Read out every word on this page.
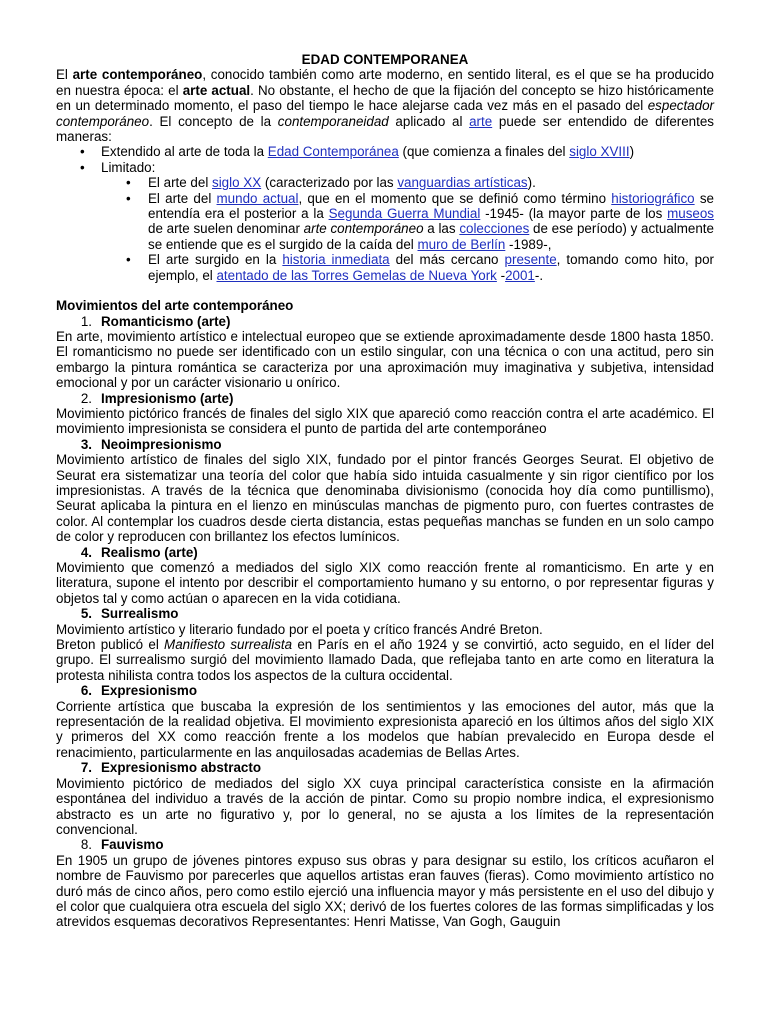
EDAD CONTEMPORANEA

El arte contemporáneo, conocido también como arte moderno, en sentido literal, es el que se ha producido en nuestra época: el arte actual. No obstante, el hecho de que la fijación del concepto se hizo históricamente en un determinado momento, el paso del tiempo le hace alejarse cada vez más en el pasado del espectador contemporáneo. El concepto de la contemporaneidad aplicado al arte puede ser entendido de diferentes maneras:

• Extendido al arte de toda la Edad Contemporánea (que comienza a finales del siglo XVIII)
• Limitado:
• El arte del siglo XX (caracterizado por las vanguardias artísticas).
• El arte del mundo actual, que en el momento que se definió como término historiográfico se entendía era el posterior a la Segunda Guerra Mundial -1945- (la mayor parte de los museos de arte suelen denominar arte contemporáneo a las colecciones de ese período) y actualmente se entiende que es el surgido de la caída del muro de Berlín -1989-,
• El arte surgido en la historia inmediata del más cercano presente, tomando como hito, por ejemplo, el atentado de las Torres Gemelas de Nueva York -2001-.

Movimientos del arte contemporáneo

1. Romanticismo (arte)

En arte, movimiento artístico e intelectual europeo que se extiende aproximadamente desde 1800 hasta 1850. El romanticismo no puede ser identificado con un estilo singular, con una técnica o con una actitud, pero sin embargo la pintura romántica se caracteriza por una aproximación muy imaginativa y subjetiva, intensidad emocional y por un carácter visionario u onírico.

2. Impresionismo (arte)

Movimiento pictórico francés de finales del siglo XIX que apareció como reacción contra el arte académico. El movimiento impresionista se considera el punto de partida del arte contemporáneo

3. Neoimpresionismo

Movimiento artístico de finales del siglo XIX, fundado por el pintor francés Georges Seurat. El objetivo de Seurat era sistematizar una teoría del color que había sido intuida casualmente y sin rigor científico por los impresionistas. A través de la técnica que denominaba divisionismo (conocida hoy día como puntillismo), Seurat aplicaba la pintura en el lienzo en minúsculas manchas de pigmento puro, con fuertes contrastes de color. Al contemplar los cuadros desde cierta distancia, estas pequeñas manchas se funden en un solo campo de color y reproducen con brillantez los efectos lumínicos.

4. Realismo (arte)

Movimiento que comenzó a mediados del siglo XIX como reacción frente al romanticismo. En arte y en literatura, supone el intento por describir el comportamiento humano y su entorno, o por representar figuras y objetos tal y como actúan o aparecen en la vida cotidiana.

5. Surrealismo

Movimiento artístico y literario fundado por el poeta y crítico francés André Breton.

Breton publicó el Manifiesto surrealista en París en el año 1924 y se convirtió, acto seguido, en el líder del grupo. El surrealismo surgió del movimiento llamado Dada, que reflejaba tanto en arte como en literatura la protesta nihilista contra todos los aspectos de la cultura occidental.

6. Expresionismo

Corriente artística que buscaba la expresión de los sentimientos y las emociones del autor, más que la representación de la realidad objetiva. El movimiento expresionista apareció en los últimos años del siglo XIX y primeros del XX como reacción frente a los modelos que habían prevalecido en Europa desde el renacimiento, particularmente en las anquilosadas academias de Bellas Artes.

7. Expresionismo abstracto

Movimiento pictórico de mediados del siglo XX cuya principal característica consiste en la afirmación espontánea del individuo a través de la acción de pintar. Como su propio nombre indica, el expresionismo abstracto es un arte no figurativo y, por lo general, no se ajusta a los límites de la representación convencional.

8. Fauvismo

En 1905 un grupo de jóvenes pintores expuso sus obras y para designar su estilo, los críticos acuñaron el nombre de Fauvismo por parecerles que aquellos artistas eran fauves (fieras). Como movimiento artístico no duró más de cinco años, pero como estilo ejerció una influencia mayor y más persistente en el uso del dibujo y el color que cualquiera otra escuela del siglo XX; derivó de los fuertes colores de las formas simplificadas y los atrevidos esquemas decorativos Representantes: Henri Matisse, Van Gogh, Gauguin
